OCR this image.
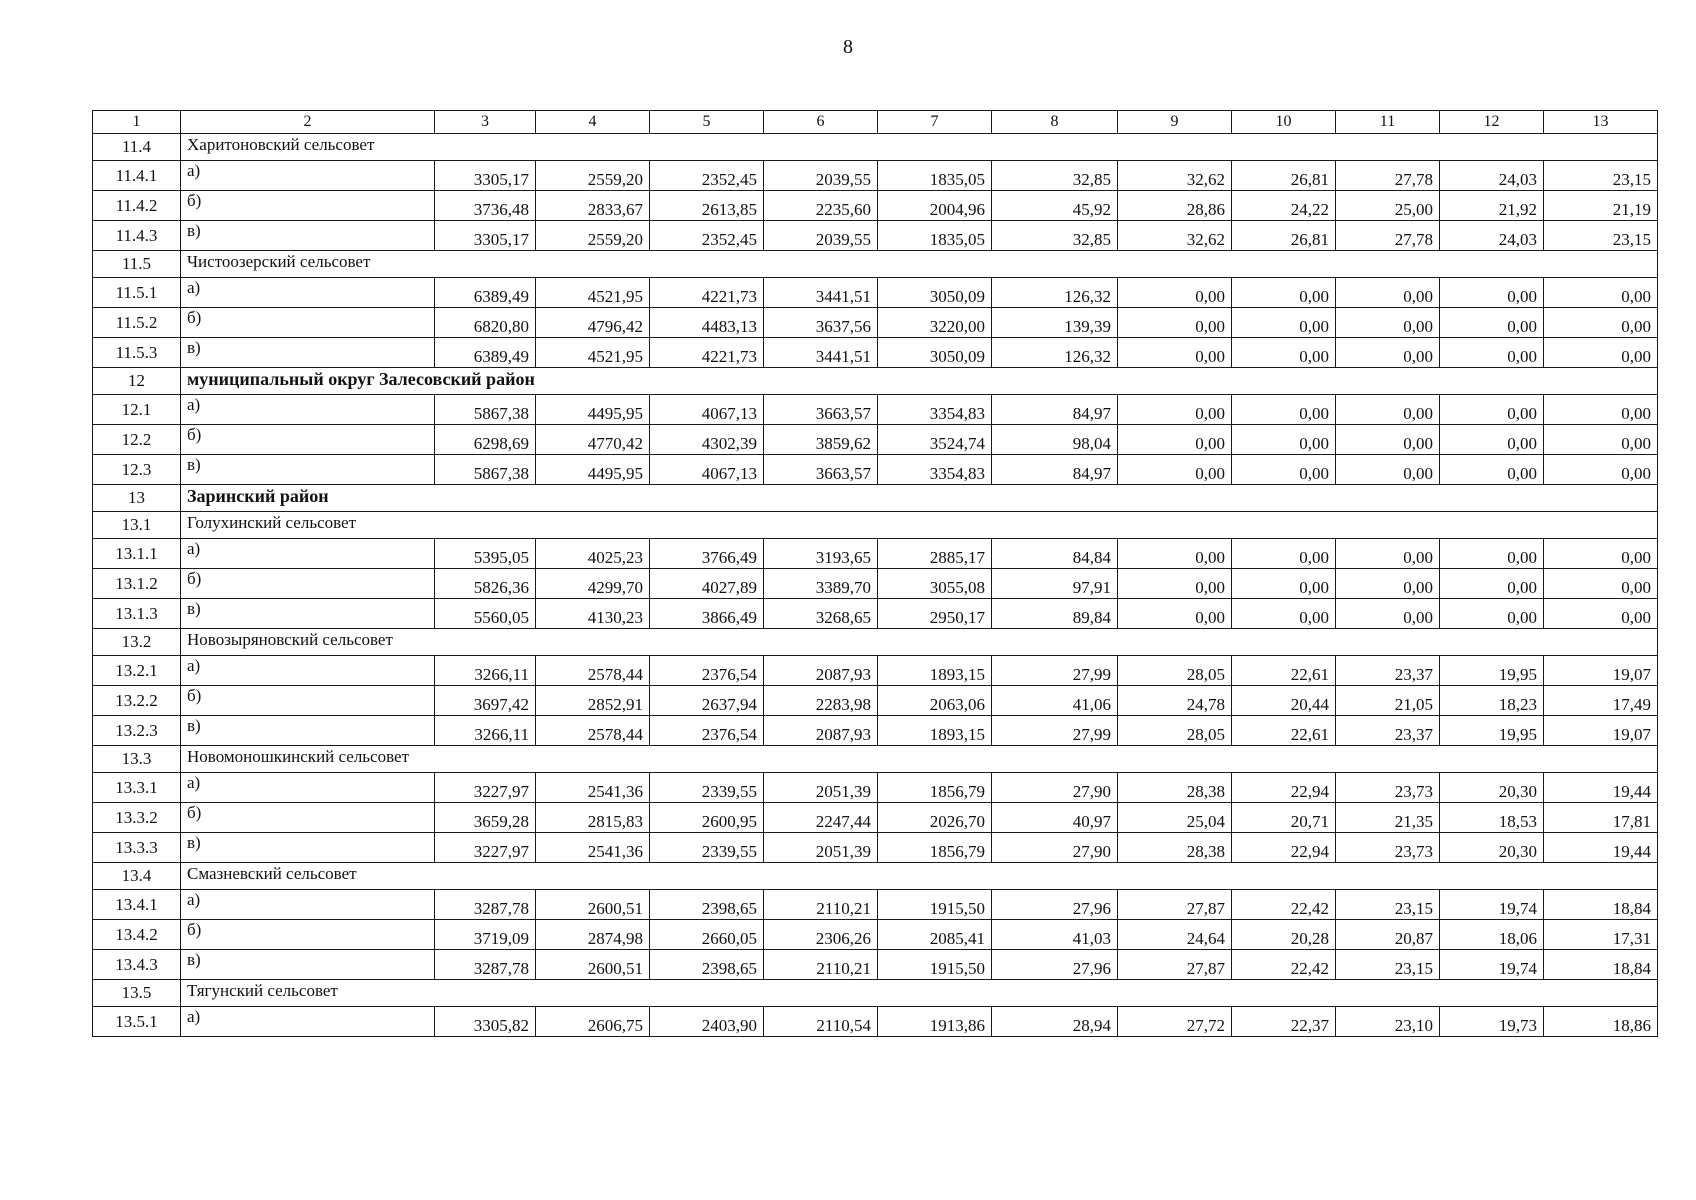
8
1	2	3	4	5	6	7	8	9	10	11	12	13
11.4	Харитоновский сельсовет											
11.4.1	а)	3305,17	2559,20	2352,45	2039,55	1835,05	32,85	32,62	26,81	27,78	24,03	23,15
11.4.2	б)	3736,48	2833,67	2613,85	2235,60	2004,96	45,92	28,86	24,22	25,00	21,92	21,19
11.4.3	в)	3305,17	2559,20	2352,45	2039,55	1835,05	32,85	32,62	26,81	27,78	24,03	23,15
11.5	Чистоозерский сельсовет											
11.5.1	а)	6389,49	4521,95	4221,73	3441,51	3050,09	126,32	0,00	0,00	0,00	0,00	0,00
11.5.2	б)	6820,80	4796,42	4483,13	3637,56	3220,00	139,39	0,00	0,00	0,00	0,00	0,00
11.5.3	в)	6389,49	4521,95	4221,73	3441,51	3050,09	126,32	0,00	0,00	0,00	0,00	0,00
12	муниципальный округ Залесовский район											
12.1	а)	5867,38	4495,95	4067,13	3663,57	3354,83	84,97	0,00	0,00	0,00	0,00	0,00
12.2	б)	6298,69	4770,42	4302,39	3859,62	3524,74	98,04	0,00	0,00	0,00	0,00	0,00
12.3	в)	5867,38	4495,95	4067,13	3663,57	3354,83	84,97	0,00	0,00	0,00	0,00	0,00
13	Заринский район											
13.1	Голухинский сельсовет											
13.1.1	а)	5395,05	4025,23	3766,49	3193,65	2885,17	84,84	0,00	0,00	0,00	0,00	0,00
13.1.2	б)	5826,36	4299,70	4027,89	3389,70	3055,08	97,91	0,00	0,00	0,00	0,00	0,00
13.1.3	в)	5560,05	4130,23	3866,49	3268,65	2950,17	89,84	0,00	0,00	0,00	0,00	0,00
13.2	Новозыряновский сельсовет											
13.2.1	а)	3266,11	2578,44	2376,54	2087,93	1893,15	27,99	28,05	22,61	23,37	19,95	19,07
13.2.2	б)	3697,42	2852,91	2637,94	2283,98	2063,06	41,06	24,78	20,44	21,05	18,23	17,49
13.2.3	в)	3266,11	2578,44	2376,54	2087,93	1893,15	27,99	28,05	22,61	23,37	19,95	19,07
13.3	Новомоношкинский сельсовет											
13.3.1	а)	3227,97	2541,36	2339,55	2051,39	1856,79	27,90	28,38	22,94	23,73	20,30	19,44
13.3.2	б)	3659,28	2815,83	2600,95	2247,44	2026,70	40,97	25,04	20,71	21,35	18,53	17,81
13.3.3	в)	3227,97	2541,36	2339,55	2051,39	1856,79	27,90	28,38	22,94	23,73	20,30	19,44
13.4	Смазневский сельсовет											
13.4.1	а)	3287,78	2600,51	2398,65	2110,21	1915,50	27,96	27,87	22,42	23,15	19,74	18,84
13.4.2	б)	3719,09	2874,98	2660,05	2306,26	2085,41	41,03	24,64	20,28	20,87	18,06	17,31
13.4.3	в)	3287,78	2600,51	2398,65	2110,21	1915,50	27,96	27,87	22,42	23,15	19,74	18,84
13.5	Тягунский сельсовет											
13.5.1	а)	3305,82	2606,75	2403,90	2110,54	1913,86	28,94	27,72	22,37	23,10	19,73	18,86
